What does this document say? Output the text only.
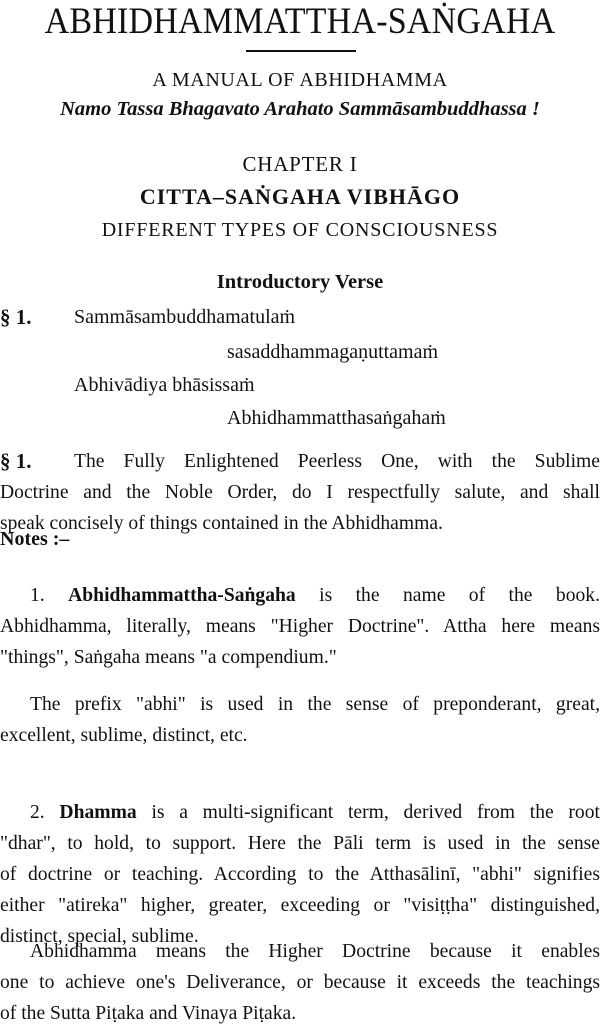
ABHIDHAMMATTHA-SAṄGAHA
A MANUAL OF ABHIDHAMMA
Namo Tassa Bhagavato Arahato Sammāsambuddhassa !
CHAPTER I
CITTA–SAṄGAHA VIBHĀGO
DIFFERENT TYPES OF CONSCIOUSNESS
Introductory Verse
§ 1. Sammāsambuddhamatulaṁ
sasaddhammagaṇuttamaṁ
Abhivādiya bhāsissaṁ
Abhidhammatthasaṅgahaṁ
§ 1.	The Fully Enlightened Peerless One, with the Sublime
Doctrine and the Noble Order, do I respectfully salute, and shall
speak concisely of things contained in the Abhidhamma.
Notes :–
1. Abhidhammattha-Saṅgaha is the name of the book.
Abhidhamma, literally, means "Higher Doctrine". Attha here means
"things", Saṅgaha means "a compendium."
The prefix "abhi" is used in the sense of preponderant, great,
excellent, sublime, distinct, etc.
2. Dhamma is a multi-significant term, derived from the root
"dhar", to hold, to support. Here the Pāli term is used in the sense
of doctrine or teaching. According to the Atthasālinī, "abhi" signifies
either "atireka" higher, greater, exceeding or "visiṭṭha" distinguished,
distinct, special, sublime.
Abhidhamma means the Higher Doctrine because it enables
one to achieve one's Deliverance, or because it exceeds the teachings
of the Sutta Piṭaka and Vinaya Piṭaka.
